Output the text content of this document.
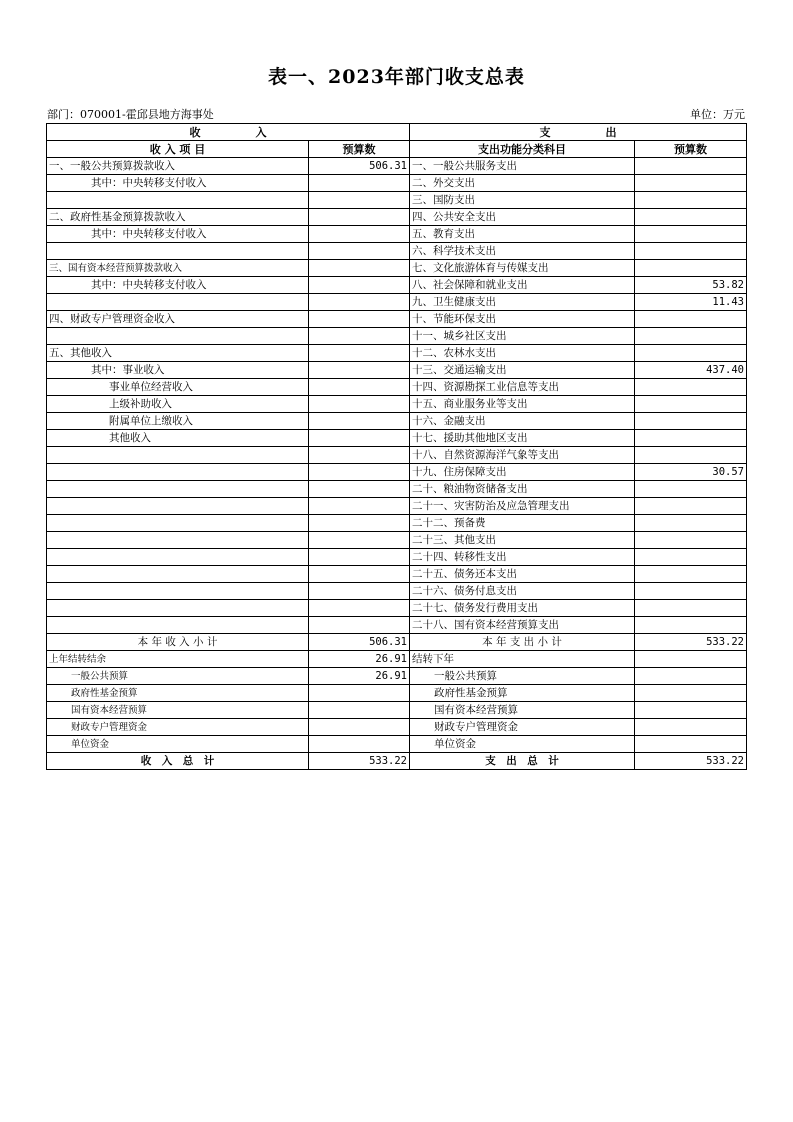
表一、2023年部门收支总表
部门：070001-霍邱县地方海事处	单位：万元
收　　　　　入		支　　　　　出	
收 入 项 目	预算数	支出功能分类科目	预算数
一、一般公共预算拨款收入	506.31	一、一般公共服务支出	
其中：中央转移支付收入		二、外交支出	
		三、国防支出	
二、政府性基金预算拨款收入		四、公共安全支出	
其中：中央转移支付收入		五、教育支出	
		六、科学技术支出	
三、国有资本经营预算拨款收入		七、文化旅游体育与传媒支出	
其中：中央转移支付收入		八、社会保障和就业支出	53.82
		九、卫生健康支出	11.43
四、财政专户管理资金收入		十、节能环保支出	
		十一、城乡社区支出	
五、其他收入		十二、农林水支出	
其中：事业收入		十三、交通运输支出	437.40
事业单位经营收入		十四、资源勘探工业信息等支出	
上级补助收入		十五、商业服务业等支出	
附属单位上缴收入		十六、金融支出	
其他收入		十七、援助其他地区支出	
		十八、自然资源海洋气象等支出	
		十九、住房保障支出	30.57
		二十、粮油物资储备支出	
		二十一、灾害防治及应急管理支出	
		二十二、预备费	
		二十三、其他支出	
		二十四、转移性支出	
		二十五、债务还本支出	
		二十六、债务付息支出	
		二十七、债务发行费用支出	
		二十八、国有资本经营预算支出	
本 年 收 入 小 计	506.31	本 年 支 出 小 计	533.22
上年结转结余	26.91	结转下年	
一般公共预算	26.91	一般公共预算	
政府性基金预算		政府性基金预算	
国有资本经营预算		国有资本经营预算	
财政专户管理资金		财政专户管理资金	
单位资金		单位资金	
收　入　总　计	533.22	支　出　总　计	533.22
